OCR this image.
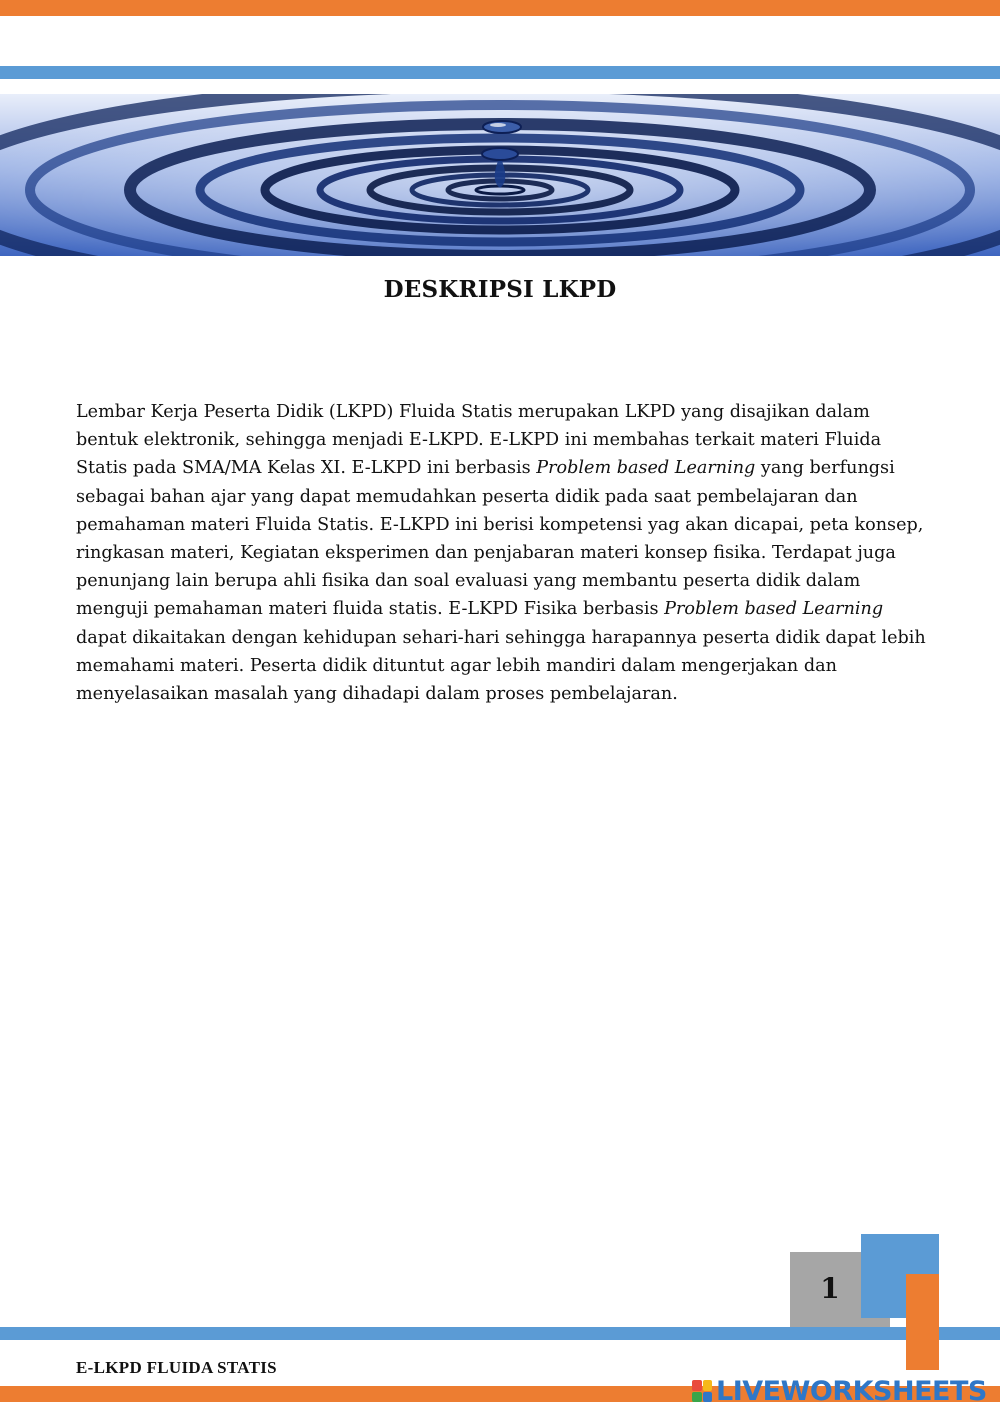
DESKRIPSI LKPD

Lembar Kerja Peserta Didik (LKPD) Fluida Statis merupakan LKPD yang disajikan dalam bentuk elektronik, sehingga menjadi E-LKPD. E-LKPD ini membahas terkait materi Fluida Statis pada SMA/MA Kelas XI. E-LKPD ini berbasis Problem based Learning yang berfungsi sebagai bahan ajar yang dapat memudahkan peserta didik pada saat pembelajaran dan pemahaman materi Fluida Statis. E-LKPD ini berisi kompetensi yag akan dicapai, peta konsep, ringkasan materi, Kegiatan eksperimen dan penjabaran materi konsep fisika. Terdapat juga penunjang lain berupa ahli fisika dan soal evaluasi yang membantu peserta didik dalam menguji pemahaman materi fluida statis. E-LKPD Fisika berbasis Problem based Learning dapat dikaitakan dengan kehidupan sehari-hari sehingga harapannya peserta didik dapat lebih memahami materi. Peserta didik dituntut agar lebih mandiri dalam mengerjakan dan menyelasaikan masalah yang dihadapi dalam proses pembelajaran.

1
E-LKPD FLUIDA STATIS
LIVEWORKSHEETS
